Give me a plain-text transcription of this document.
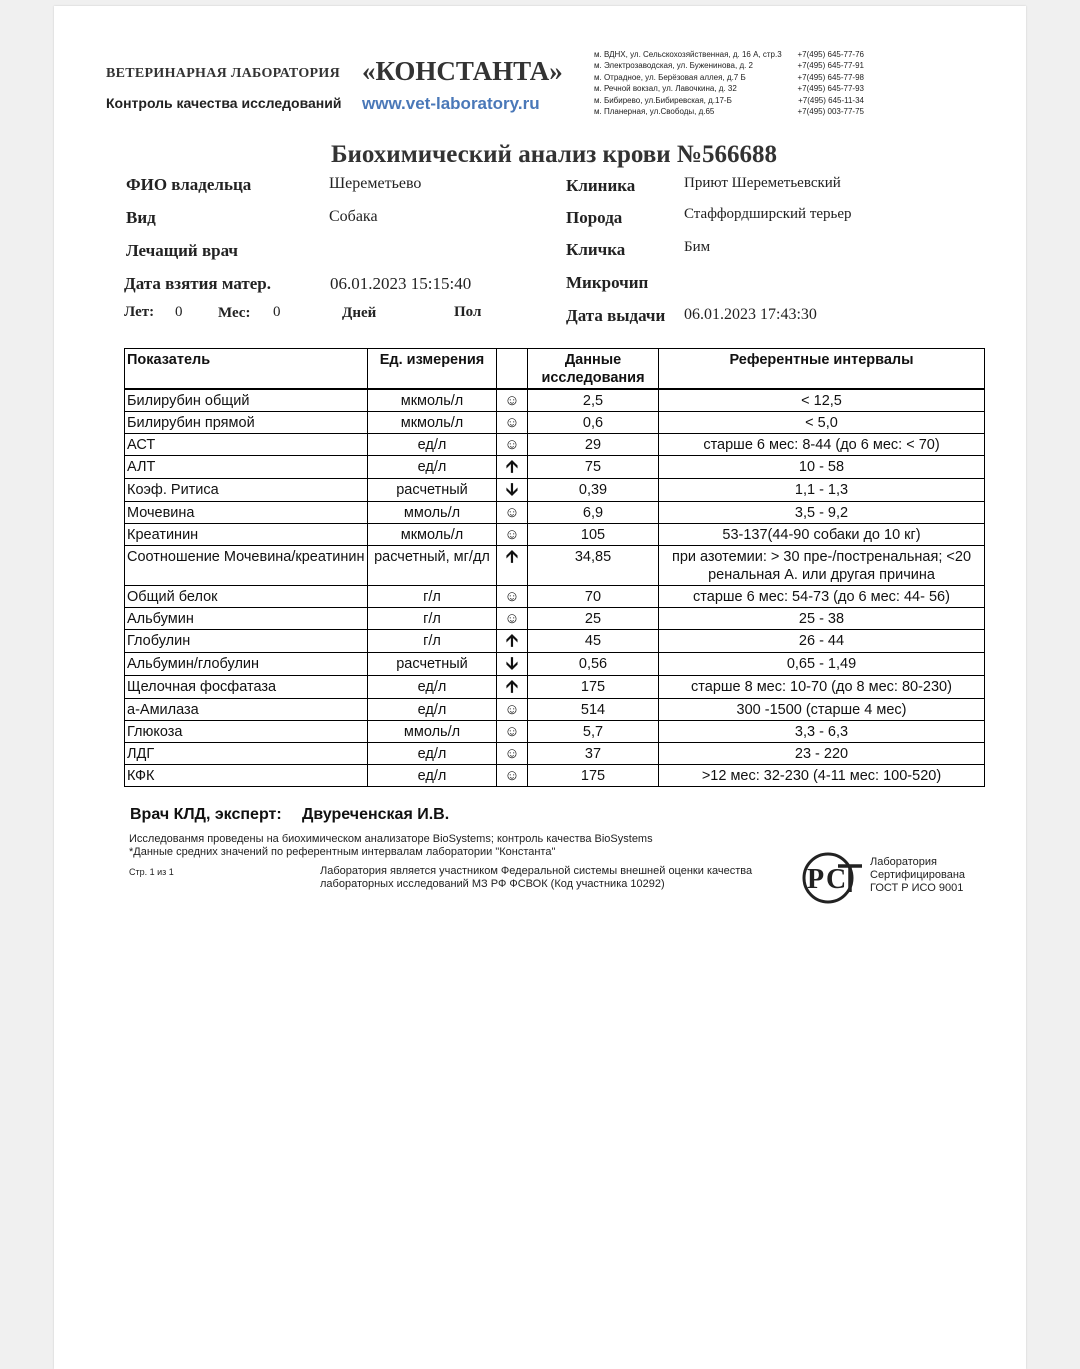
ВЕТЕРИНАРНАЯ ЛАБОРАТОРИЯ «КОНСТАНТА»
Контроль качества исследований www.vet-laboratory.ru
м. ВДНХ, ул. Сельскохозяйственная, д. 16 А, стр.3	+7(495) 645-77-76
м. Электрозаводская, ул. Буженинова, д. 2	+7(495) 645-77-91
м. Отрадное, ул. Берёзовая аллея, д.7 Б	+7(495) 645-77-98
м. Речной вокзал, ул. Лавочкина, д. 32	+7(495) 645-77-93
м. Бибирево, ул.Бибиревская, д.17-Б	+7(495) 645-11-34
м. Планерная, ул.Свободы, д.65	+7(495) 003-77-75
Биохимический анализ крови №566688
ФИО владельца	Шереметьево
Вид	Собака
Лечащий врач
Дата взятия матер.	06.01.2023 15:15:40
Лет: 0 Мес: 0	Дней	Пол
Клиника	Приют Шереметьевский
Порода	Стаффордширский терьер
Кличка	Бим
Микрочип
Дата выдачи 06.01.2023 17:43:30
Показатель	Ед. измерения		Данные исследования	Референтные интервалы
Билирубин общий	мкмоль/л	☺	2,5	< 12,5
Билирубин прямой	мкмоль/л	☺	0,6	< 5,0
АСТ	ед/л	☺	29	старше 6 мес: 8-44 (до 6 мес: < 70)
АЛТ	ед/л	🡩	75	10 - 58
Коэф. Ритиса	расчетный	🡫	0,39	1,1 - 1,3
Мочевина	ммоль/л	☺	6,9	3,5 - 9,2
Креатинин	мкмоль/л	☺	105	53-137(44-90 собаки до 10 кг)
Соотношение Мочевина/креатинин	расчетный, мг/дл	🡩	34,85	при азотемии: > 30 пре-/постренальная; <20 ренальная А. или другая причина
Общий белок	г/л	☺	70	старше 6 мес: 54-73 (до 6 мес: 44- 56)
Альбумин	г/л	☺	25	25 - 38
Глобулин	г/л	🡩	45	26 - 44
Альбумин/глобулин	расчетный	🡫	0,56	0,65 - 1,49
Щелочная фосфатаза	ед/л	🡩	175	старше 8 мес: 10-70 (до 8 мес: 80-230)
а-Амилаза	ед/л	☺	514	300 -1500 (старше 4 мес)
Глюкоза	ммоль/л	☺	5,7	3,3 - 6,3
ЛДГ	ед/л	☺	37	23 - 220
КФК	ед/л	☺	175	>12 мес: 32-230 (4-11 мес: 100-520)
Врач КЛД, эксперт: Двуреченская И.В.
Исследованмя проведены на биохимическом анализаторе BioSystems; контроль качества BioSystems
*Данные средних значений по референтным интервалам лаборатории "Константа"
Стр. 1 из 1	Лаборатория является участником Федеральной системы внешней оценки качества
лабораторных исследований МЗ РФ ФСВОК (Код участника 10292)	Р С
Лаборатория
Сертифицирована
ГОСТ Р ИСО 9001
